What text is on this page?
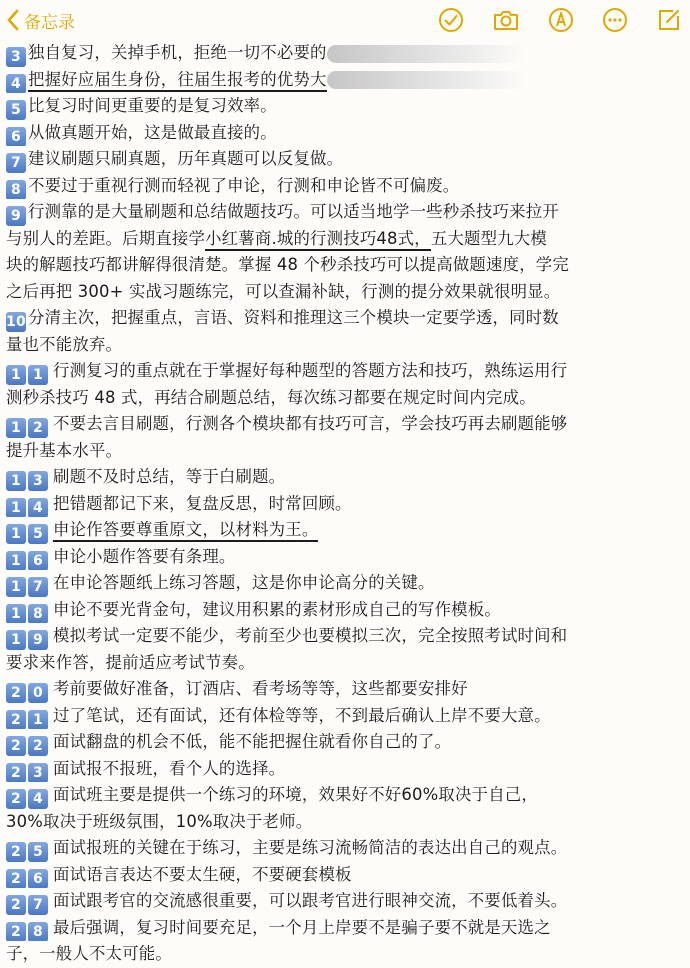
备忘录
3 独自复习，关掉手机，拒绝一切不必要的
4 把握好应届生身份，往届生报考的优势大
5 比复习时间更重要的是复习效率。
6 从做真题开始，这是做最直接的。
7 建议刷题只刷真题，历年真题可以反复做。
8 不要过于重视行测而轻视了申论，行测和申论皆不可偏废。
9 行测靠的是大量刷题和总结做题技巧。可以适当地学一些秒杀技巧来拉开
与别人的差距。后期直接学小红薯商.城的行测技巧48式，五大题型九大模
块的解题技巧都讲解得很清楚。掌握 48 个秒杀技巧可以提高做题速度，学完
之后再把 300+ 实战习题练完，可以查漏补缺，行测的提分效果就很明显。
10 分清主次，把握重点，言语、资料和推理这三个模块一定要学透，同时数
量也不能放弃。
1 1 行测复习的重点就在于掌握好每种题型的答题方法和技巧，熟练运用行
测秒杀技巧 48 式，再结合刷题总结，每次练习都要在规定时间内完成。
1 2 不要去言目刷题，行测各个模块都有技巧可言，学会技巧再去刷题能够
提升基本水平。
1 3 刷题不及时总结，等于白刷题。
1 4 把错题都记下来，复盘反思，时常回顾。
1 5 申论作答要尊重原文，以材料为王。
1 6 申论小题作答要有条理。
1 7 在申论答题纸上练习答题，这是你申论高分的关键。
1 8 申论不要光背金句，建议用积累的素材形成自己的写作模板。
1 9 模拟考试一定要不能少，考前至少也要模拟三次，完全按照考试时间和
要求来作答，提前适应考试节奏。
2 0 考前要做好准备，订酒店、看考场等等，这些都要安排好
2 1 过了笔试，还有面试，还有体检等等，不到最后确认上岸不要大意。
2 2 面试翻盘的机会不低，能不能把握住就看你自己的了。
2 3 面试报不报班，看个人的选择。
2 4 面试班主要是提供一个练习的环境，效果好不好60%取决于自己，
30%取决于班级氛围，10%取决于老师。
2 5 面试报班的关键在于练习，主要是练习流畅简洁的表达出自己的观点。
2 6 面试语言表达不要太生硬，不要硬套模板
2 7 面试跟考官的交流感很重要，可以跟考官进行眼神交流，不要低着头。
2 8 最后强调，复习时间要充足，一个月上岸要不是骗子要不就是天选之
子，一般人不太可能。
